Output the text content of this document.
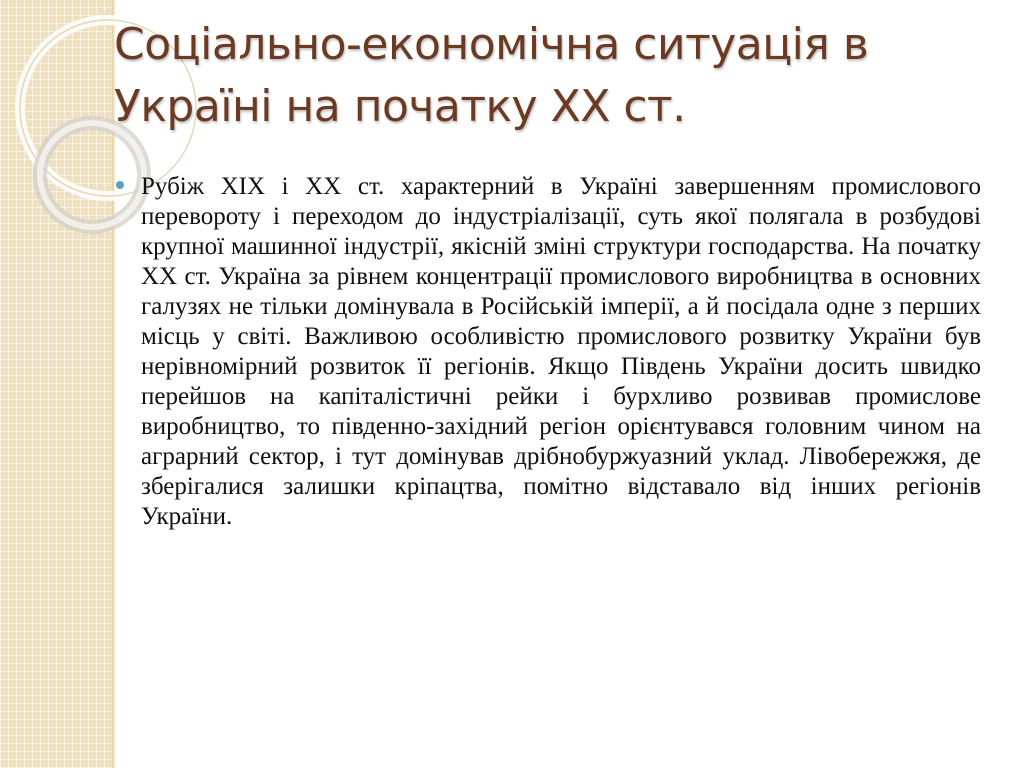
Соціально-економічна ситуація в Україні на початку XX ст.

Рубіж XIX і XX ст. характерний в Україні завершенням промислового перевороту і переходом до індустріалізації, суть якої полягала в розбудові крупної машинної індустрії, якісній зміні структури господарства. На початку XX ст. Україна за рівнем концентрації промислового виробництва в основних галузях не тільки домінувала в Російській імперії, а й посідала одне з перших місць у світі. Важливою особливістю промислового розвитку України був нерівномірний розвиток її регіонів. Якщо Південь України досить швидко перейшов на капіталістичні рейки і бурхливо розвивав промислове виробництво, то південно-західний регіон орієнтувався головним чином на аграрний сектор, і тут домінував дрібнобуржуазний уклад. Лівобережжя, де зберігалися залишки кріпацтва, помітно відставало від інших регіонів України.
